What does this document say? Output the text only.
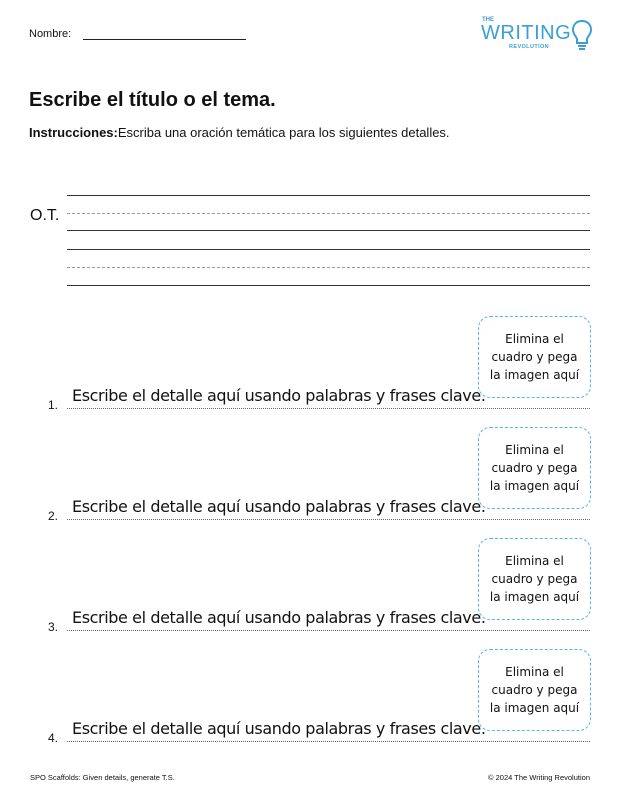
Nombre:
THE
WRITING
REVOLUTION
Escribe el título o el tema.
Instrucciones:Escriba una oración temática para los siguientes detalles.
O.T.
Elimina el cuadro y pega la imagen aquí
1. Escribe el detalle aquí usando palabras y frases clave.
Elimina el cuadro y pega la imagen aquí
2. Escribe el detalle aquí usando palabras y frases clave.
Elimina el cuadro y pega la imagen aquí
3. Escribe el detalle aquí usando palabras y frases clave.
Elimina el cuadro y pega la imagen aquí
4. Escribe el detalle aquí usando palabras y frases clave.
SPO Scaffolds: Given details, generate T.S.	© 2024 The Writing Revolution
